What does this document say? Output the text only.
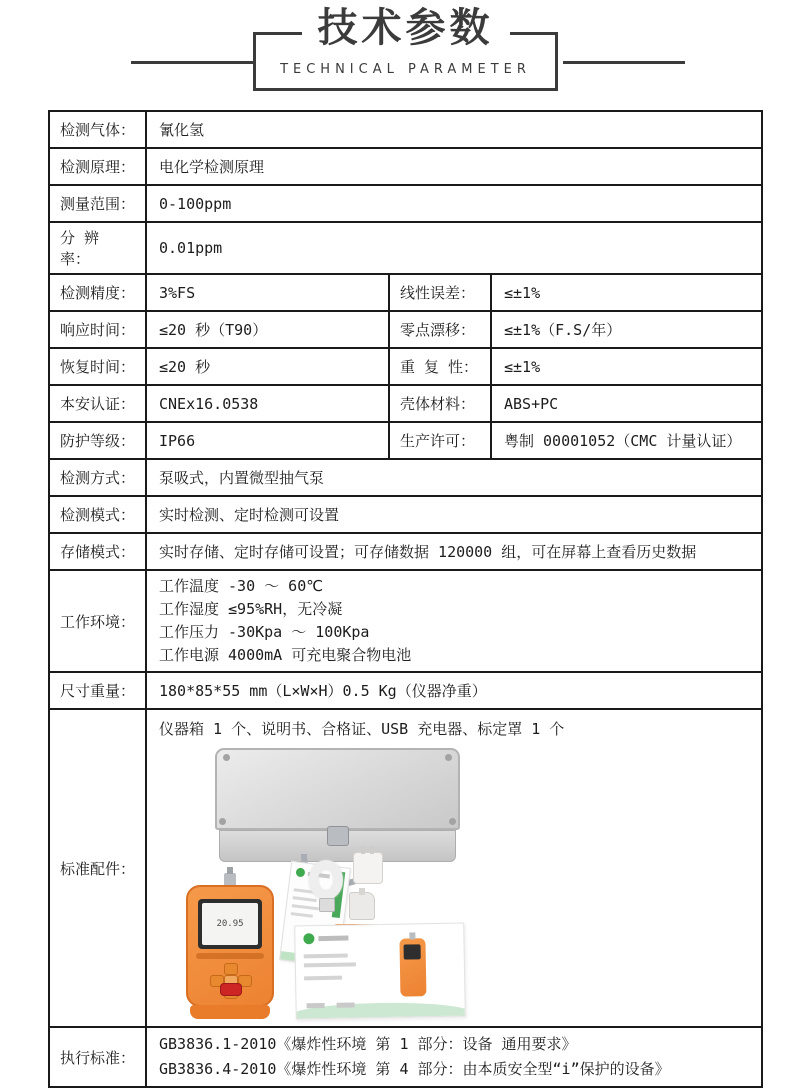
技术参数
TECHNICAL PARAMETER
检测气体：	氰化氢		
检测原理：	电化学检测原理		
测量范围：	0-100ppm		
分 辨 率：	0.01ppm		
检测精度：	3%FS	线性误差：	≤±1%
响应时间：	≤20 秒（T90）	零点漂移：	≤±1%（F.S/年）
恢复时间：	≤20 秒	重 复 性：	≤±1%
本安认证：	CNEx16.0538	壳体材料：	ABS+PC
防护等级：	IP66	生产许可：	粤制 00001052（CMC 计量认证）
检测方式：	泵吸式，内置微型抽气泵		
检测模式：	实时检测、定时检测可设置		
存储模式：	实时存储、定时存储可设置；可存储数据 120000 组，可在屏幕上查看历史数据		
工作环境：	工作温度 -30 ～ 60℃
工作湿度 ≤95%RH，无冷凝
工作压力 -30Kpa ～ 100Kpa
工作电源 4000mA 可充电聚合物电池		

尺寸重量：	180*85*55 mm（L×W×H）0.5 Kg（仪器净重）		
标准配件：	仪器箱 1 个、说明书、合格证、USB 充电器、标定罩 1 个
20.95		

执行标准：	GB3836.1-2010《爆炸性环境 第 1 部分：设备 通用要求》
GB3836.4-2010《爆炸性环境 第 4 部分：由本质安全型“i”保护的设备》		
